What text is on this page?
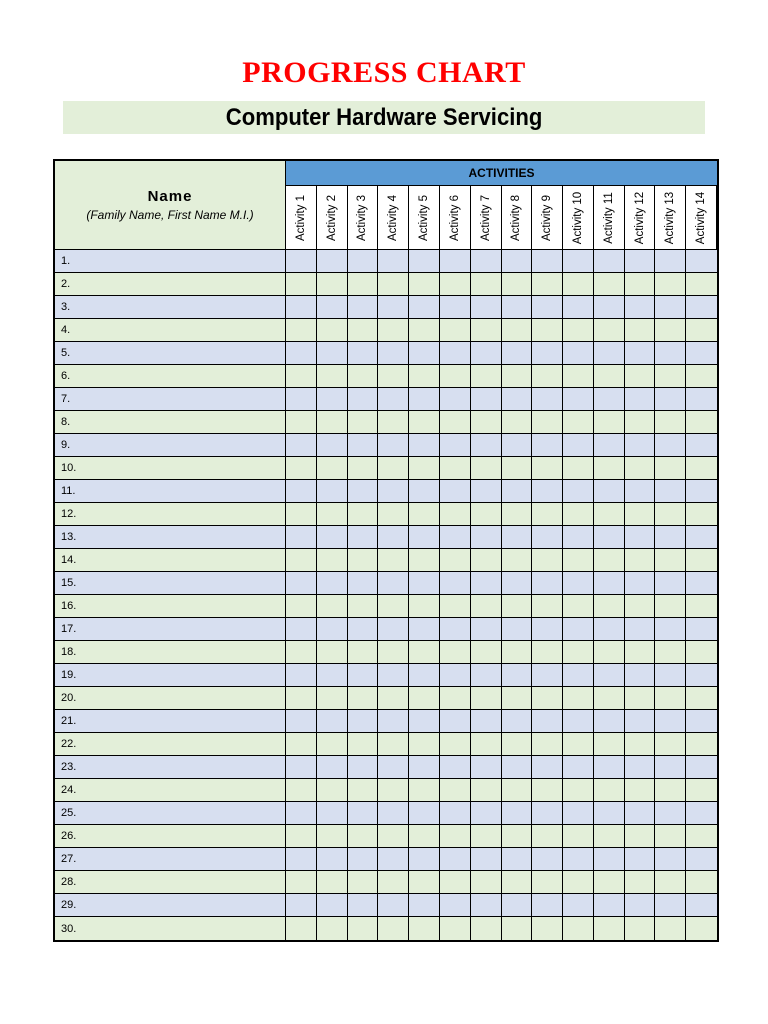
PROGRESS CHART
Computer Hardware Servicing
Name
(Family Name, First Name M.I.)
ACTIVITIES
Activity 1 Activity 2 Activity 3 Activity 4 Activity 5 Activity 6 Activity 7 Activity 8 Activity 9 Activity 10 Activity 11 Activity 12 Activity 13 Activity 14
1.
2.
3.
4.
5.
6.
7.
8.
9.
10.
11.
12.
13.
14.
15.
16.
17.
18.
19.
20.
21.
22.
23.
24.
25.
26.
27.
28.
29.
30.
